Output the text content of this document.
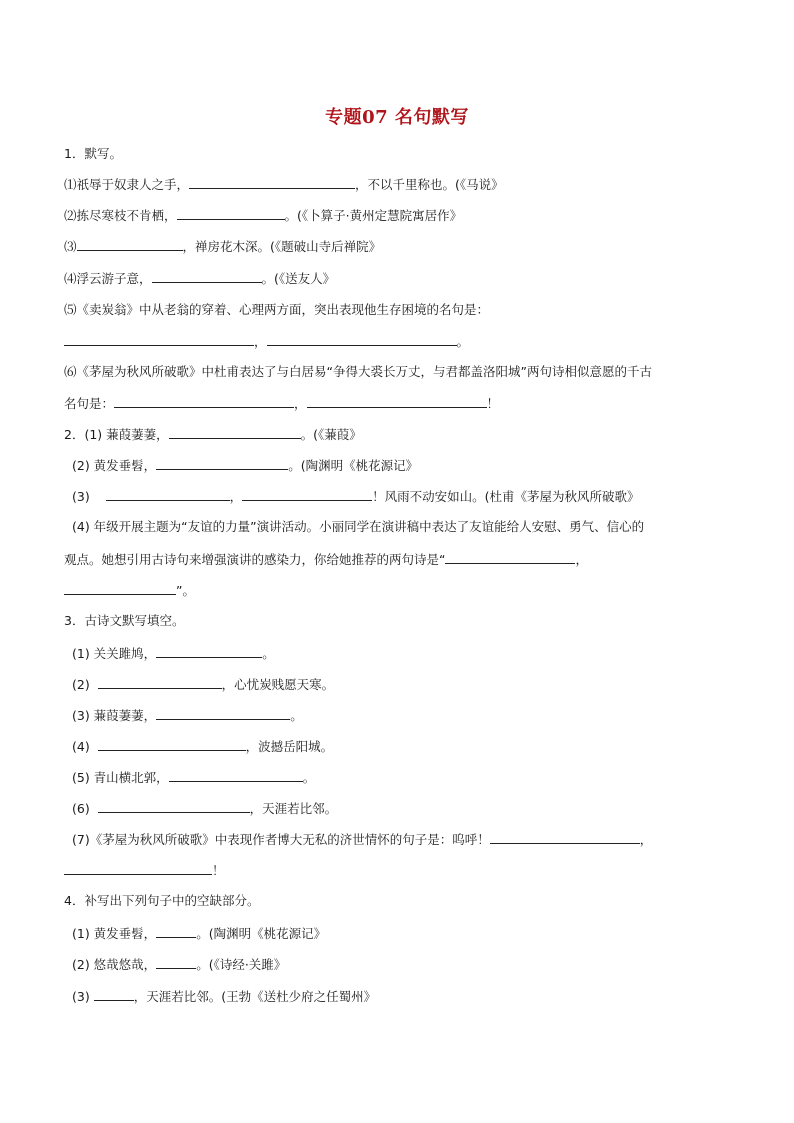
专题07 名句默写
1．默写。
⑴祇辱于奴隶人之手，	，不以千里称也。(《马说》
⑵拣尽寒枝不肯栖，	。(《卜算子·黄州定慧院寓居作》
⑶	，禅房花木深。(《题破山寺后禅院》
⑷浮云游子意，	。(《送友人》
⑸《卖炭翁》中从老翁的穿着、心理两方面，突出表现他生存困境的名句是：
，	。
⑹《茅屋为秋风所破歌》中杜甫表达了与白居易“争得大裘长万丈，与君都盖洛阳城”两句诗相似意愿的千古
名句是：	，	！
2．(1) 蒹葭萋萋，	。(《蒹葭》
(2) 黄发垂髫，	。(陶渊明《桃花源记》
(3)	，	！风雨不动安如山。(杜甫《茅屋为秋风所破歌》
(4) 年级开展主题为“友谊的力量”演讲活动。小丽同学在演讲稿中表达了友谊能给人安慰、勇气、信心的
观点。她想引用古诗句来增强演讲的感染力，你给她推荐的两句诗是“	，
”。
3．古诗文默写填空。
(1) 关关雎鸠，	。
(2)	，心忧炭贱愿天寒。
(3) 蒹葭萋萋，	。
(4)	，波撼岳阳城。
(5) 青山横北郭，	。
(6)	，天涯若比邻。
(7)《茅屋为秋风所破歌》中表现作者博大无私的济世情怀的句子是：呜呼！	，
！
4．补写出下列句子中的空缺部分。
(1) 黄发垂髫，	。(陶渊明《桃花源记》
(2) 悠哉悠哉，	。(《诗经·关雎》
(3)	，天涯若比邻。(王勃《送杜少府之任蜀州》
